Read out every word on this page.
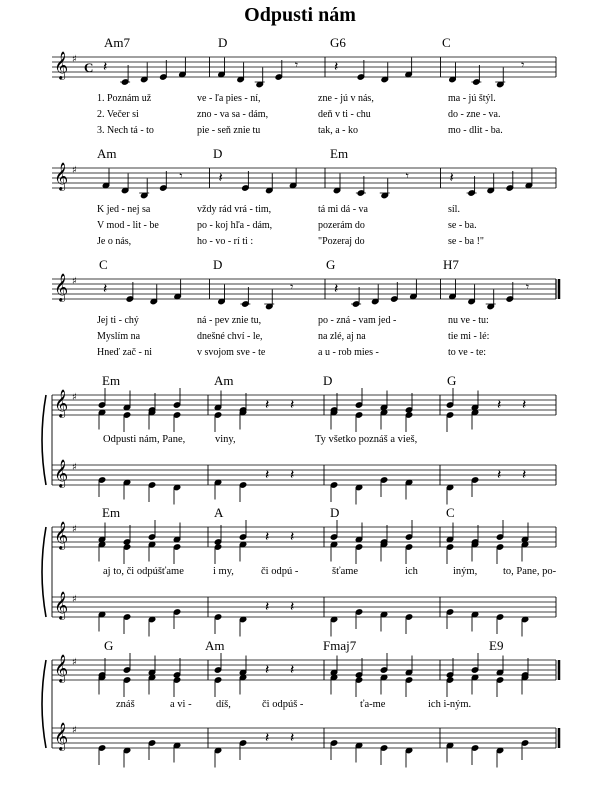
Odpusti nám
𝄞 ♯
C
Am7	D	G6	C
𝄽	𝄾	𝄽	𝄾
1. Poznám už	ve - ľa pies - ní,	zne - jú v nás,	ma - jú štýl.
2. Večer si	zno - va sa - dám,	deň v ti - chu	do - zne - va.
3. Nech tá - to	pie - seň znie tu	tak, a - ko	mo - dlit - ba.
𝄞 ♯
Am	D	Em
𝄾	𝄽	𝄾	𝄽
K jed - nej sa	vždy rád vrá - tim,	tá mi dá - va	síl.
V mod - lit - be	po - koj hľa - dám,	pozerám do	se - ba.
Je o nás,	ho - vo - rí ti :	"Pozeraj do	se - ba !"
𝄞 ♯
C	D	G	H7
𝄽	𝄾	𝄽	𝄾
Jej ti - chý	ná - pev znie tu,	po - zná - vam jed -	nu ve - tu:
Myslím na	dnešné chví - le,	na zlé, aj na	tie mi - lé:
Hneď zač - ni	v svojom sve - te	a u - rob mies -	to ve - te:
𝄞 ♯
𝄞 ♯
Em	Am	D	G
𝄽
𝄽
𝄽
𝄽
𝄽
𝄽
𝄽
𝄽
Odpusti nám, Pane,	viny,	Ty všetko poznáš a vieš,
𝄞 ♯
𝄞 ♯
Em	A	D	C
𝄽
𝄽
𝄽
𝄽
aj to, či odpúšťame	i my,	či odpú -	šťame	ich	iným, to, Pane, po-
𝄞 ♯
𝄞 ♯
G	Am	Fmaj7	E9
𝄽
𝄽
𝄽
𝄽
znáš	a vi - díš,	či odpúš -	ťa-me	ich i-ným.
